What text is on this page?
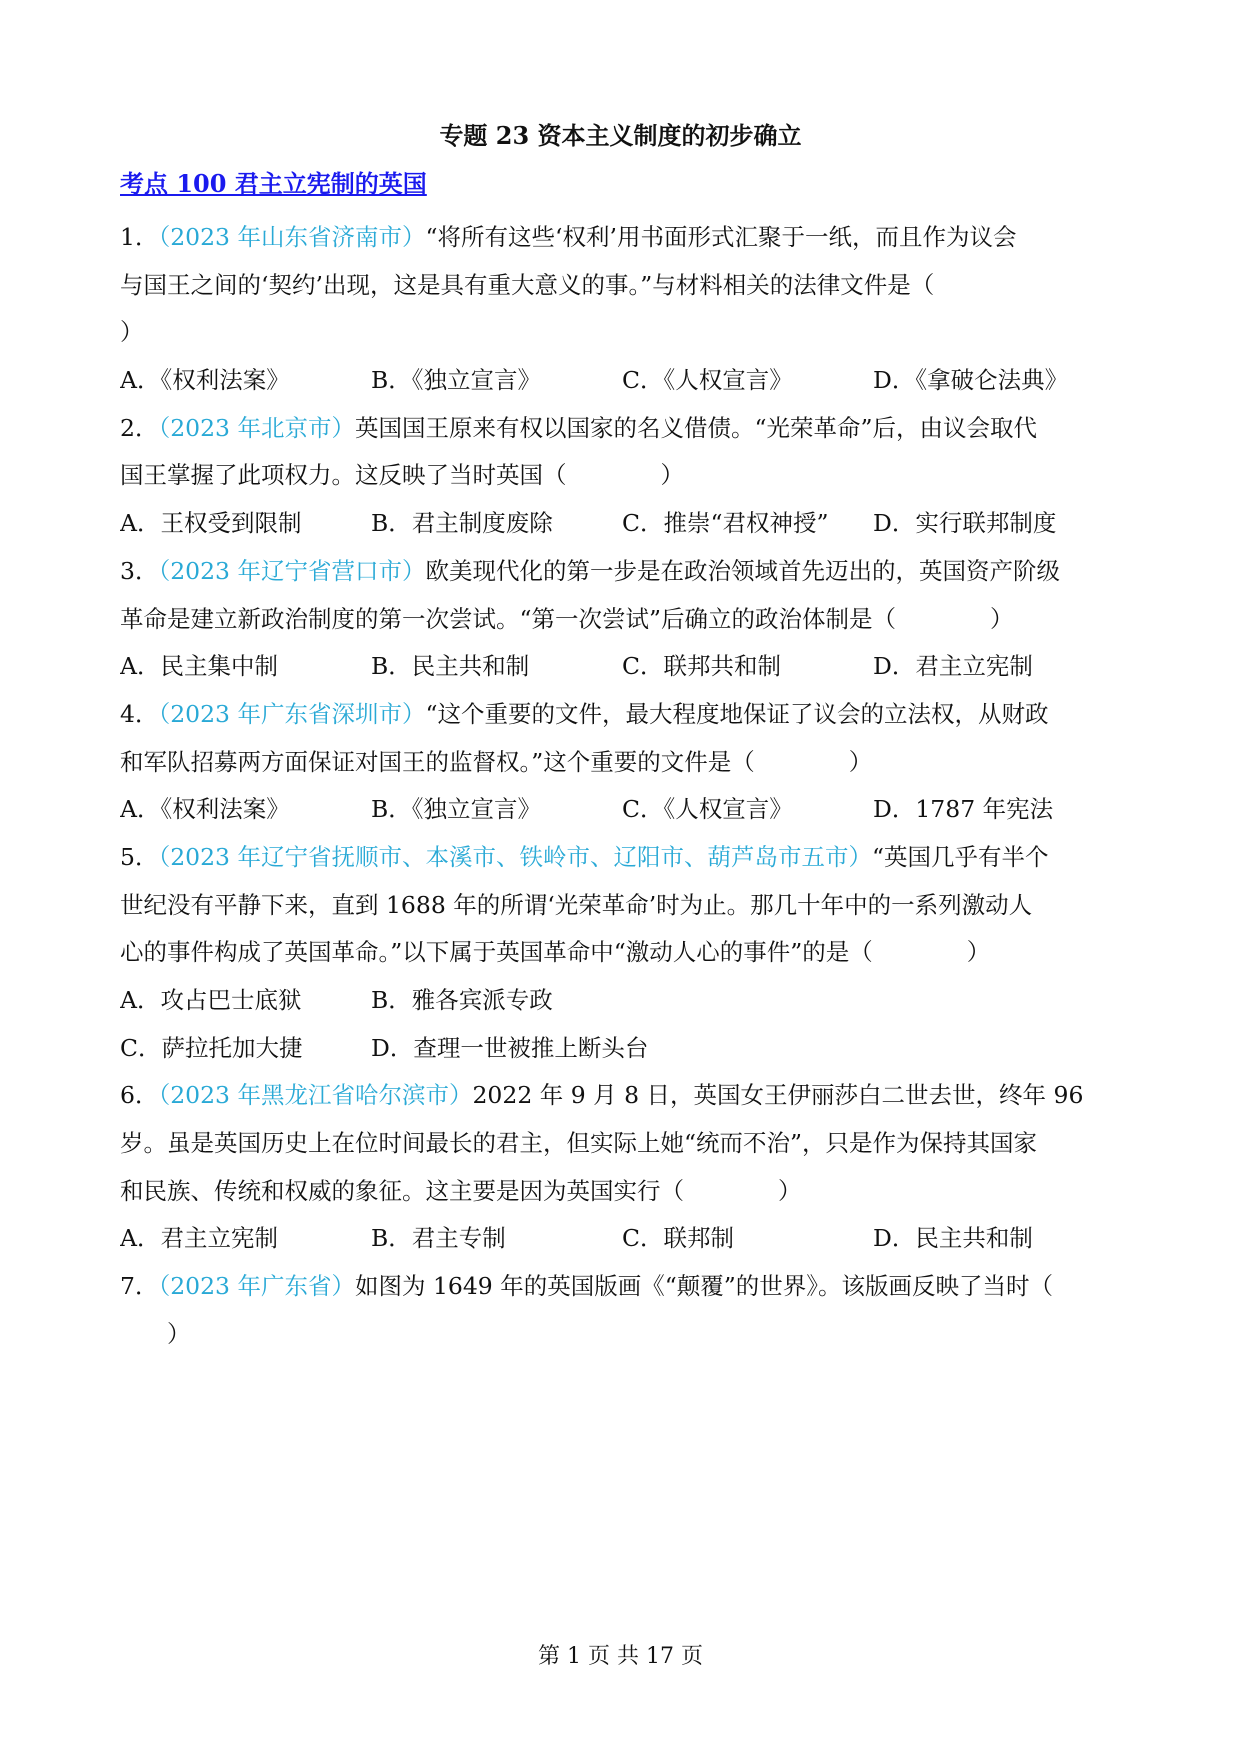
专题 23 资本主义制度的初步确立
考点 100 君主立宪制的英国
1．（2023 年山东省济南市）“将所有这些‘权利’用书面形式汇聚于一纸，而且作为议会
与国王之间的‘契约’出现，这是具有重大意义的事。”与材料相关的法律文件是（
）
A．《权利法案》	B．《独立宣言》	C．《人权宣言》	D．《拿破仑法典》
2．（2023 年北京市）英国国王原来有权以国家的名义借债。“光荣革命”后，由议会取代
国王掌握了此项权力。这反映了当时英国（　　　　）
A．王权受到限制	B．君主制度废除	C．推崇“君权神授”	D．实行联邦制度
3．（2023 年辽宁省营口市）欧美现代化的第一步是在政治领域首先迈出的，英国资产阶级
革命是建立新政治制度的第一次尝试。“第一次尝试”后确立的政治体制是（　　　　）
A．民主集中制	B．民主共和制	C．联邦共和制	D．君主立宪制
4．（2023 年广东省深圳市）“这个重要的文件，最大程度地保证了议会的立法权，从财政
和军队招募两方面保证对国王的监督权。”这个重要的文件是（　　　　）
A．《权利法案》	B．《独立宣言》	C．《人权宣言》	D．1787 年宪法
5．（2023 年辽宁省抚顺市、本溪市、铁岭市、辽阳市、葫芦岛市五市）“英国几乎有半个
世纪没有平静下来，直到 1688 年的所谓‘光荣革命’时为止。那几十年中的一系列激动人
心的事件构成了英国革命。”以下属于英国革命中“激动人心的事件”的是（　　　　）
A．攻占巴士底狱	B．雅各宾派专政
C．萨拉托加大捷	D．查理一世被推上断头台
6．（2023 年黑龙江省哈尔滨市）2022 年 9 月 8 日，英国女王伊丽莎白二世去世，终年 96
岁。虽是英国历史上在位时间最长的君主，但实际上她“统而不治”，只是作为保持其国家
和民族、传统和权威的象征。这主要是因为英国实行（　　　　）
A．君主立宪制	B．君主专制	C．联邦制	D．民主共和制
7．（2023 年广东省）如图为 1649 年的英国版画《“颠覆”的世界》。该版画反映了当时（
　　）
第 1 页 共 17 页
